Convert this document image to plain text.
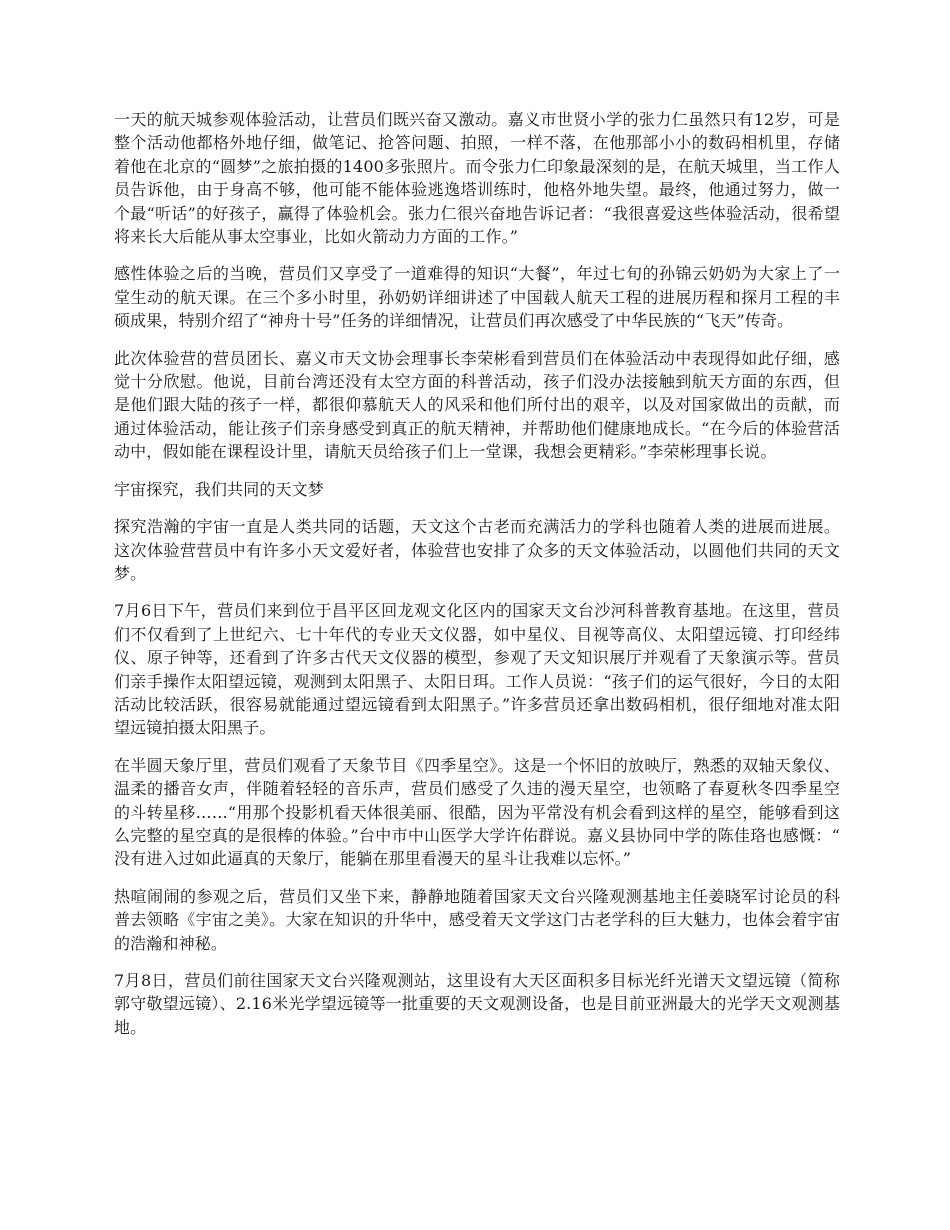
一天的航天城参观体验活动，让营员们既兴奋又激动。嘉义市世贤小学的张力仁虽然只有12岁，可是整个活动他都格外地仔细，做笔记、抢答问题、拍照，一样不落，在他那部小小的数码相机里，存储着他在北京的“圆梦”之旅拍摄的1400多张照片。而令张力仁印象最深刻的是，在航天城里，当工作人员告诉他，由于身高不够，他可能不能体验逃逸塔训练时，他格外地失望。最终，他通过努力，做一个最“听话”的好孩子，赢得了体验机会。张力仁很兴奋地告诉记者：“我很喜爱这些体验活动，很希望将来长大后能从事太空事业，比如火箭动力方面的工作。”

感性体验之后的当晚，营员们又享受了一道难得的知识“大餐”，年过七旬的孙锦云奶奶为大家上了一堂生动的航天课。在三个多小时里，孙奶奶详细讲述了中国载人航天工程的进展历程和探月工程的丰硕成果，特别介绍了“神舟十号”任务的详细情况，让营员们再次感受了中华民族的“飞天”传奇。

此次体验营的营员团长、嘉义市天文协会理事长李荣彬看到营员们在体验活动中表现得如此仔细，感觉十分欣慰。他说，目前台湾还没有太空方面的科普活动，孩子们没办法接触到航天方面的东西，但是他们跟大陆的孩子一样，都很仰慕航天人的风采和他们所付出的艰辛，以及对国家做出的贡献，而通过体验活动，能让孩子们亲身感受到真正的航天精神，并帮助他们健康地成长。“在今后的体验营活动中，假如能在课程设计里，请航天员给孩子们上一堂课，我想会更精彩。”李荣彬理事长说。

宇宙探究，我们共同的天文梦

探究浩瀚的宇宙一直是人类共同的话题，天文这个古老而充满活力的学科也随着人类的进展而进展。这次体验营营员中有许多小天文爱好者，体验营也安排了众多的天文体验活动，以圆他们共同的天文梦。

7月6日下午，营员们来到位于昌平区回龙观文化区内的国家天文台沙河科普教育基地。在这里，营员们不仅看到了上世纪六、七十年代的专业天文仪器，如中星仪、目视等高仪、太阳望远镜、打印经纬仪、原子钟等，还看到了许多古代天文仪器的模型，参观了天文知识展厅并观看了天象演示等。营员们亲手操作太阳望远镜，观测到太阳黑子、太阳日珥。工作人员说：“孩子们的运气很好，今日的太阳活动比较活跃，很容易就能通过望远镜看到太阳黑子。”许多营员还拿出数码相机，很仔细地对准太阳望远镜拍摄太阳黑子。

在半圆天象厅里，营员们观看了天象节目《四季星空》。这是一个怀旧的放映厅，熟悉的双轴天象仪、温柔的播音女声，伴随着轻轻的音乐声，营员们感受了久违的漫天星空，也领略了春夏秋冬四季星空的斗转星移……“用那个投影机看天体很美丽、很酷，因为平常没有机会看到这样的星空，能够看到这么完整的星空真的是很棒的体验。”台中市中山医学大学许佑群说。嘉义县协同中学的陈佳珞也感慨：“没有进入过如此逼真的天象厅，能躺在那里看漫天的星斗让我难以忘怀。”

热喧闹闹的参观之后，营员们又坐下来，静静地随着国家天文台兴隆观测基地主任姜晓军讨论员的科普去领略《宇宙之美》。大家在知识的升华中，感受着天文学这门古老学科的巨大魅力，也体会着宇宙的浩瀚和神秘。

7月8日，营员们前往国家天文台兴隆观测站，这里设有大天区面积多目标光纤光谱天文望远镜（简称郭守敬望远镜）、2.16米光学望远镜等一批重要的天文观测设备，也是目前亚洲最大的光学天文观测基地。
